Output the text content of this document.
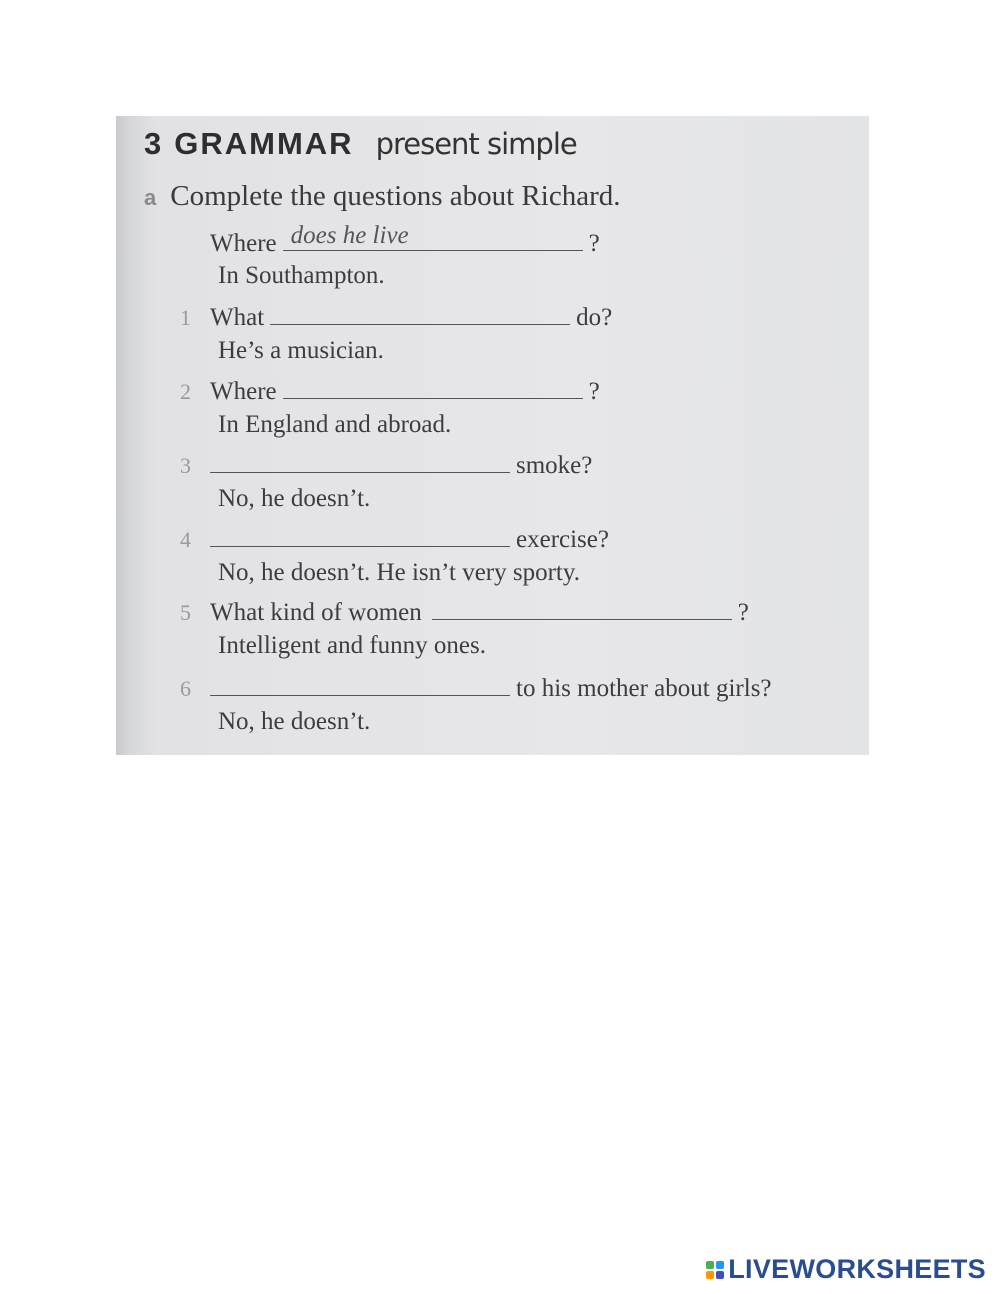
3 GRAMMAR present simple
a Complete the questions about Richard.
Where does he live	?
In Southampton.
1 What	do?
He’s a musician.
2 Where	?
In England and abroad.
3	smoke?
No, he doesn’t.
4	exercise?
No, he doesn’t. He isn’t very sporty.
5 What kind of women	?
Intelligent and funny ones.
6	to his mother about girls?
No, he doesn’t.
LIVEWORKSHEETS
